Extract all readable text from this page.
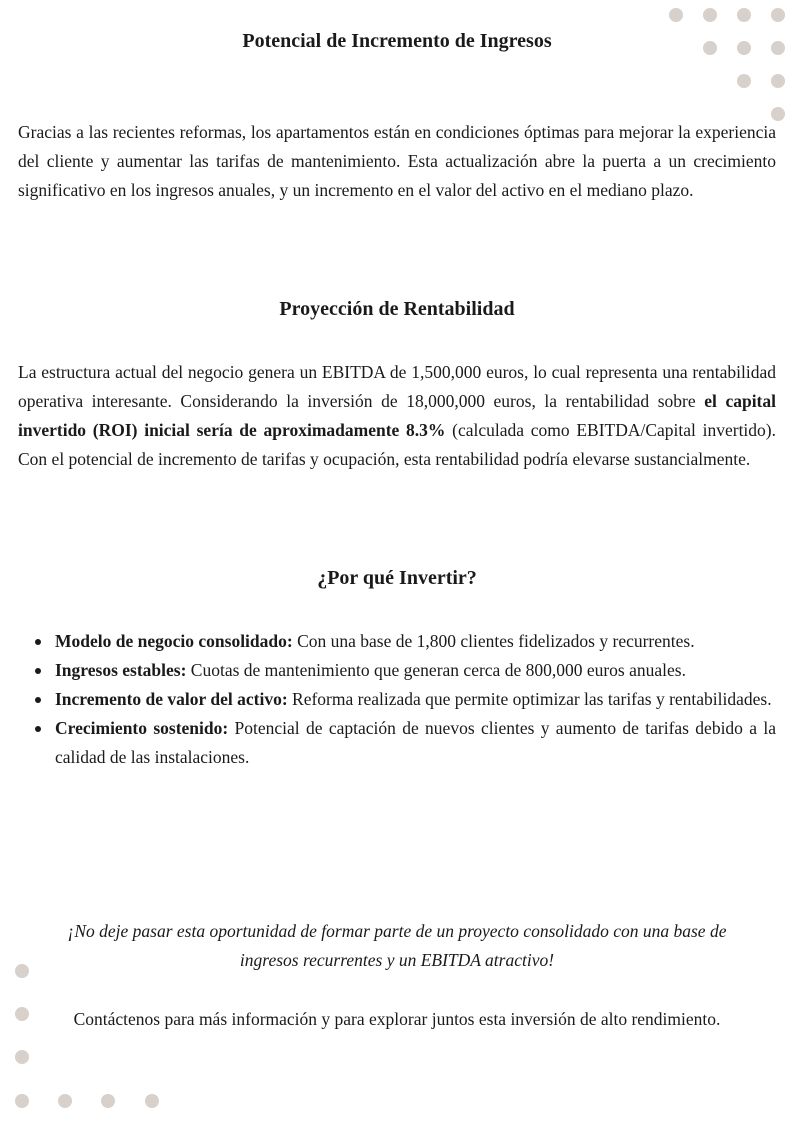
Potencial de Incremento de Ingresos

Gracias a las recientes reformas, los apartamentos están en condiciones óptimas para mejorar la experiencia del cliente y aumentar las tarifas de mantenimiento. Esta actualización abre la puerta a un crecimiento significativo en los ingresos anuales, y un incremento en el valor del activo en el mediano plazo.

Proyección de Rentabilidad

La estructura actual del negocio genera un EBITDA de 1,500,000 euros, lo cual representa una rentabilidad operativa interesante. Considerando la inversión de 18,000,000 euros, la rentabilidad sobre el capital invertido (ROI) inicial sería de aproximadamente 8.3% (calculada como EBITDA/Capital invertido). Con el potencial de incremento de tarifas y ocupación, esta rentabilidad podría elevarse sustancialmente.

¿Por qué Invertir?
Modelo de negocio consolidado: Con una base de 1,800 clientes fidelizados y recurrentes.
Ingresos estables: Cuotas de mantenimiento que generan cerca de 800,000 euros anuales.
Incremento de valor del activo: Reforma realizada que permite optimizar las tarifas y rentabilidades.
Crecimiento sostenido: Potencial de captación de nuevos clientes y aumento de tarifas debido a la calidad de las instalaciones.

¡No deje pasar esta oportunidad de formar parte de un proyecto consolidado con una base de ingresos recurrentes y un EBITDA atractivo!

Contáctenos para más información y para explorar juntos esta inversión de alto rendimiento.
